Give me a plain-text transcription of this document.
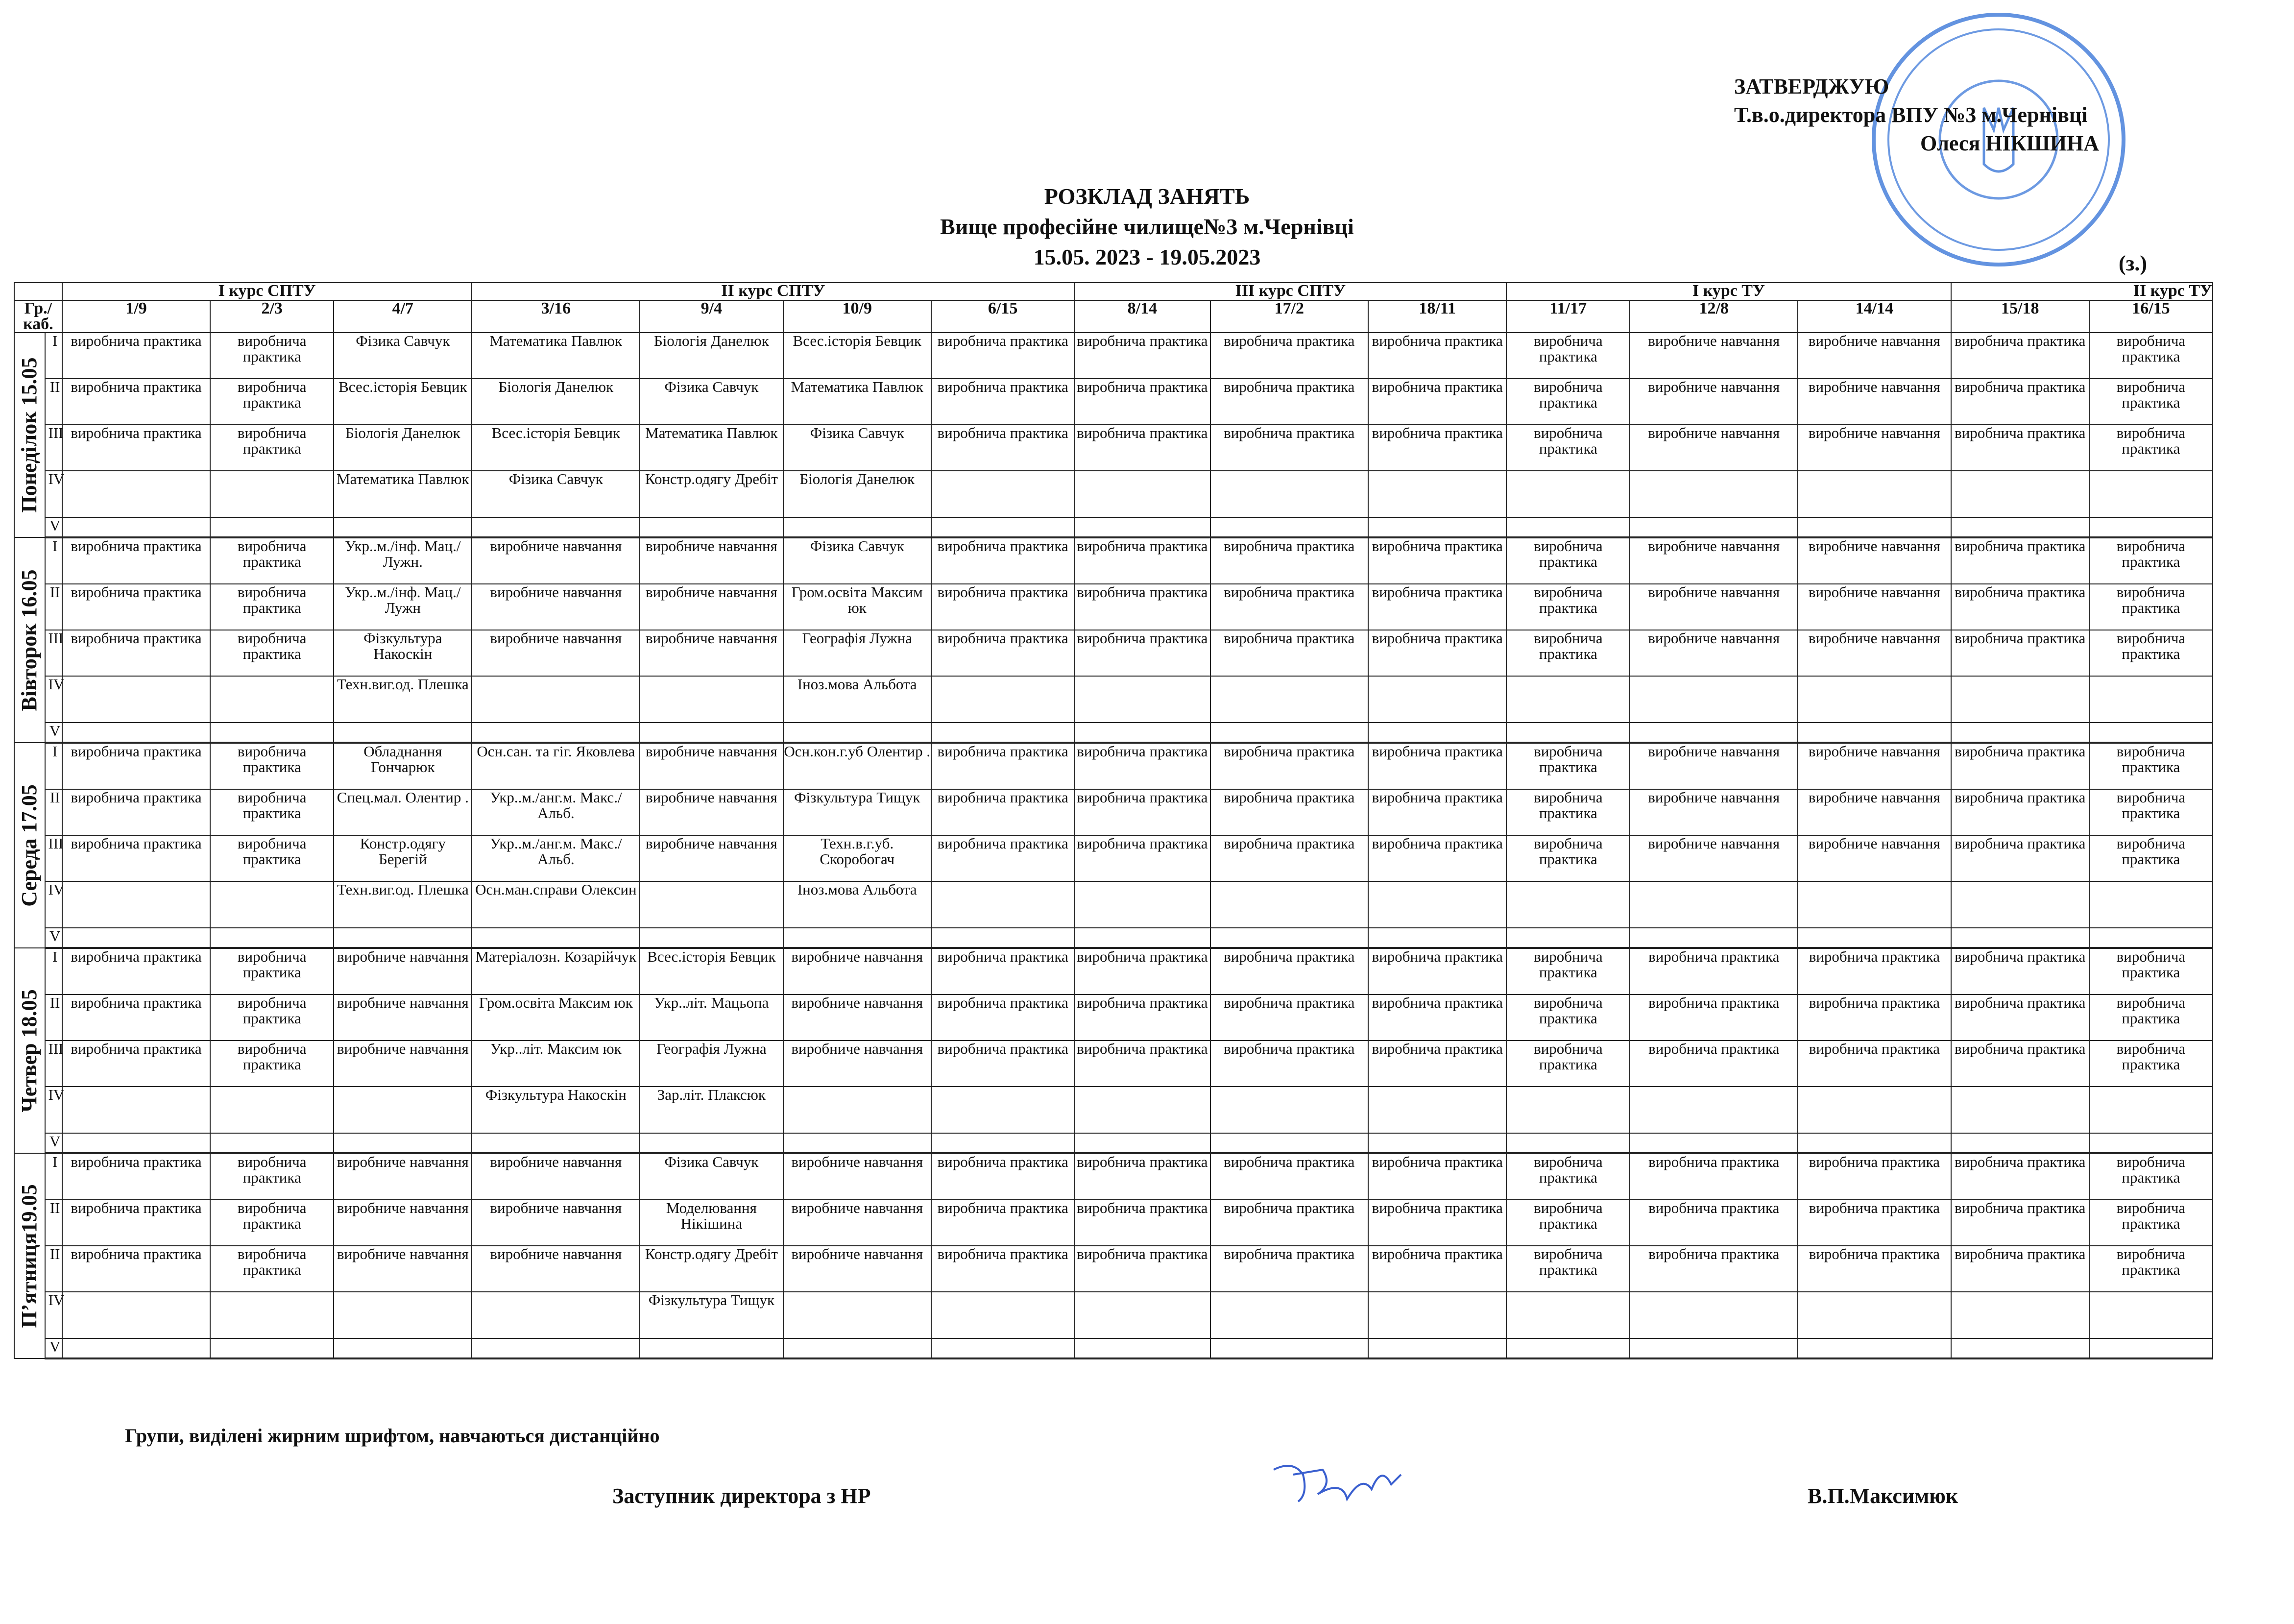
ЗАТВЕРДЖУЮ
Т.в.о.директора ВПУ №3 м.Чернівці
Олеся НІКШИНА
РОЗКЛАД ЗАНЯТЬ
Вище професійне чилище№3 м.Чернівці
15.05. 2023 - 19.05.2023	(з.)
		І курс СПТУ			ІІ курс СПТУ				ІІІ курс СПТУ			І курс ТУ			ІІ курс ТУ	
Гр./каб.		1/9	2/3	4/7	3/16	9/4	10/9	6/15	8/14	17/2	18/11	11/17	12/8	14/14	15/18	16/15

Понеділок 15.05	І	виробнича практика	виробнича практика	Фізика Савчук	Математика Павлюк	Біологія Данелюк	Всес.історія Бевцик	виробнича практика	виробнича практика	виробнича практика	виробнича практика	виробнича практика	виробниче навчання	виробниче навчання	виробнича практика	виробнича практика
	ІІ	виробнича практика	виробнича практика	Всес.історія Бевцик	Біологія Данелюк	Фізика Савчук	Математика Павлюк	виробнича практика	виробнича практика	виробнича практика	виробнича практика	виробнича практика	виробниче навчання	виробниче навчання	виробнича практика	виробнича практика
	ІІІ	виробнича практика	виробнича практика	Біологія Данелюк	Всес.історія Бевцик	Математика Павлюк	Фізика Савчук	виробнича практика	виробнича практика	виробнича практика	виробнича практика	виробнича практика	виробниче навчання	виробниче навчання	виробнича практика	виробнича практика
	ІV			Математика Павлюк	Фізика Савчук	Констр.одягу Дребіт	Біологія Данелюк									
	V															

Вівторок 16.05	І	виробнича практика	виробнича практика	Укр..м./інф. Мац./Лужн.	виробниче навчання	виробниче навчання	Фізика Савчук	виробнича практика	виробнича практика	виробнича практика	виробнича практика	виробнича практика	виробниче навчання	виробниче навчання	виробнича практика	виробнича практика
	ІІ	виробнича практика	виробнича практика	Укр..м./інф. Мац./Лужн	виробниче навчання	виробниче навчання	Гром.освіта Максим юк	виробнича практика	виробнича практика	виробнича практика	виробнича практика	виробнича практика	виробниче навчання	виробниче навчання	виробнича практика	виробнича практика
	ІІІ	виробнича практика	виробнича практика	Фізкультура Накоскін	виробниче навчання	виробниче навчання	Географія Лужна	виробнича практика	виробнича практика	виробнича практика	виробнича практика	виробнича практика	виробниче навчання	виробниче навчання	виробнича практика	виробнича практика
	ІV			Техн.виг.од. Плешка			Іноз.мова Альбота									
	V															

Середа 17.05	І	виробнича практика	виробнича практика	Обладнання Гончарюк	Осн.сан. та гіг. Яковлева	виробниче навчання	Осн.кон.г.уб Олентир .	виробнича практика	виробнича практика	виробнича практика	виробнича практика	виробнича практика	виробниче навчання	виробниче навчання	виробнича практика	виробнича практика
	ІІ	виробнича практика	виробнича практика	Спец.мал. Олентир .	Укр..м./анг.м. Макс./Альб.	виробниче навчання	Фізкультура Тищук	виробнича практика	виробнича практика	виробнича практика	виробнича практика	виробнича практика	виробниче навчання	виробниче навчання	виробнича практика	виробнича практика
	ІІІ	виробнича практика	виробнича практика	Констр.одягу Берегій	Укр..м./анг.м. Макс./Альб.	виробниче навчання	Техн.в.г.уб. Скоробогач	виробнича практика	виробнича практика	виробнича практика	виробнича практика	виробнича практика	виробниче навчання	виробниче навчання	виробнича практика	виробнича практика
	ІV			Техн.виг.од. Плешка	Осн.ман.справи Олексин		Іноз.мова Альбота									
	V															

Четвер 18.05	І	виробнича практика	виробнича практика	виробниче навчання	Матеріалозн. Козарійчук	Всес.історія Бевцик	виробниче навчання	виробнича практика	виробнича практика	виробнича практика	виробнича практика	виробнича практика	виробнича практика	виробнича практика	виробнича практика	виробнича практика
	ІІ	виробнича практика	виробнича практика	виробниче навчання	Гром.освіта Максим юк	Укр..літ. Мацьопа	виробниче навчання	виробнича практика	виробнича практика	виробнича практика	виробнича практика	виробнича практика	виробнича практика	виробнича практика	виробнича практика	виробнича практика
	ІІІ	виробнича практика	виробнича практика	виробниче навчання	Укр..літ. Максим юк	Географія Лужна	виробниче навчання	виробнича практика	виробнича практика	виробнича практика	виробнича практика	виробнича практика	виробнича практика	виробнича практика	виробнича практика	виробнича практика
	ІV				Фізкультура Накоскін	Зар.літ. Плаксюк										
	V															

П’ятниця19.05	І	виробнича практика	виробнича практика	виробниче навчання	виробниче навчання	Фізика Савчук	виробниче навчання	виробнича практика	виробнича практика	виробнича практика	виробнича практика	виробнича практика	виробнича практика	виробнича практика	виробнича практика	виробнича практика
	ІІ	виробнича практика	виробнича практика	виробниче навчання	виробниче навчання	Моделювання Нікішина	виробниче навчання	виробнича практика	виробнича практика	виробнича практика	виробнича практика	виробнича практика	виробнича практика	виробнича практика	виробнича практика	виробнича практика
	ІІ	виробнича практика	виробнича практика	виробниче навчання	виробниче навчання	Констр.одягу Дребіт	виробниче навчання	виробнича практика	виробнича практика	виробнича практика	виробнича практика	виробнича практика	виробнича практика	виробнича практика	виробнича практика	виробнича практика
	ІV					Фізкультура Тищук										
	V															
Групи, виділені жирним шрифтом, навчаються дистанційно
Заступник директора з НР	В.П.Максимюк
